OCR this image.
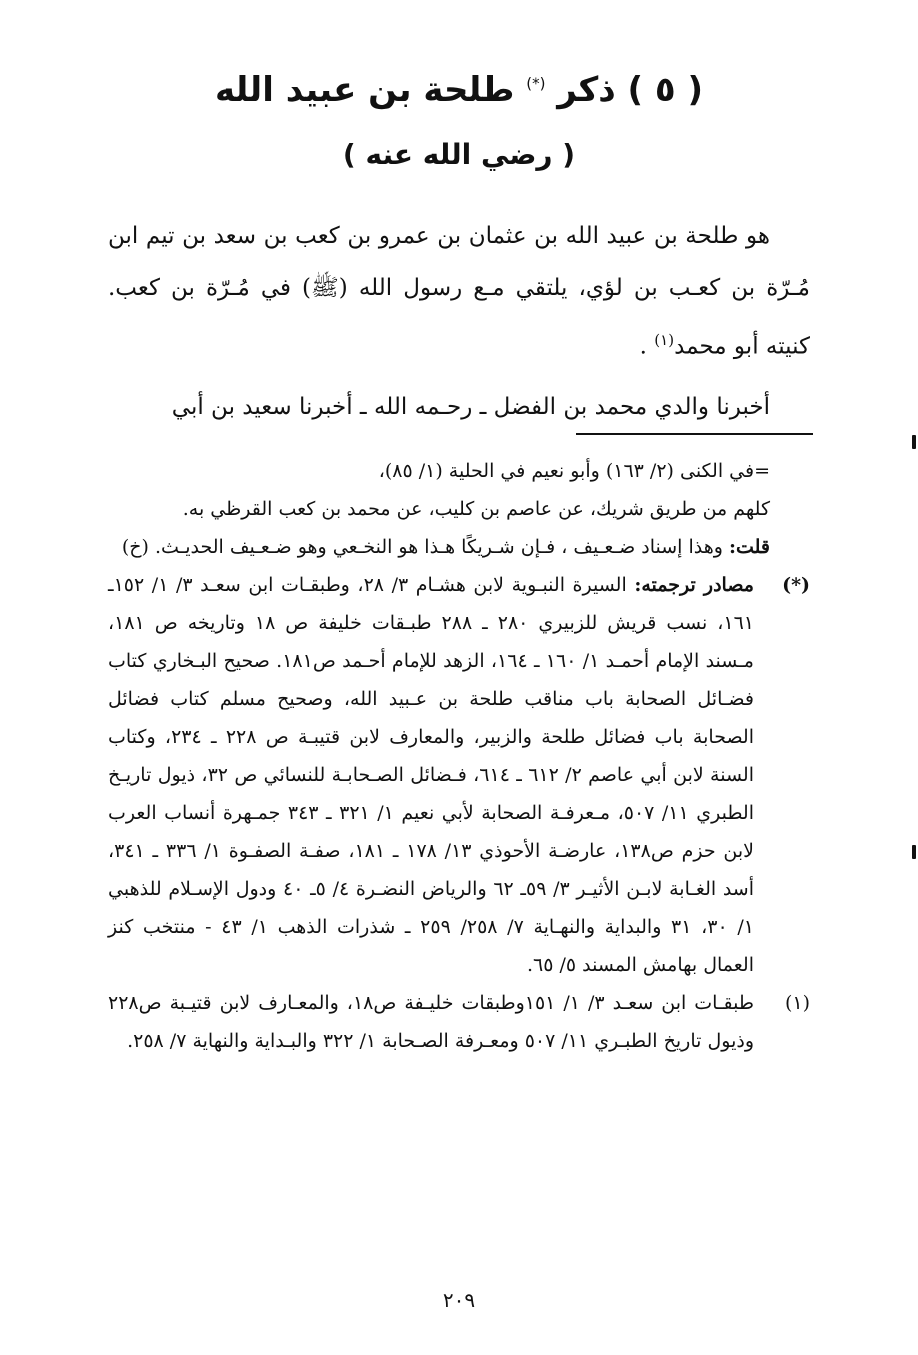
( ٥ ) ذكر (*) طلحة بن عبيد الله
( رضي الله عنه )

هو طلحة بن عبيد الله بن عثمان بن عمرو بن كعب بن سعد بن تيم ابن مُـرّة بن كعـب بن لؤي، يلتقي مـع رسول الله (ﷺ) في مُـرّة بن كعب. كنيته أبو محمد$^{(١)}$ .

أخبرنا والدي محمد بن الفضل ـ رحـمه الله ـ أخبرنا سعيد بن أبي

=في الكنى (٢/ ١٦٣) وأبو نعيم في الحلية (١/ ٨٥)،

كلهم من طريق شريك، عن عاصم بن كليب، عن محمد بن كعب القرظي به.

قلت: وهذا إسناد ضـعـيف ، فـإن شـريكًا هـذا هو النخـعي وهو ضـعـيف الحديـث. (خ)

(*)
مصادر ترجمته: السيرة النبـوية لابن هشـام ٣/ ٢٨، وطبقـات ابن سعـد ٣/ ١/ ١٥٢ـ ١٦١، نسب قريش للزبيري ٢٨٠ ـ ٢٨٨ طبـقات خليفة ص ١٨ وتاريخه ص ١٨١، مـسند الإمام أحمـد ١/ ١٦٠ ـ ١٦٤، الزهد للإمام أحـمد ص١٨١. صحيح البـخاري كتاب فضـائل الصحابة باب مناقب طلحة بن عـبيد الله، وصحيح مسلم كتاب فضائل الصحابة باب فضائل طلحة والزبير، والمعارف لابن قتيبـة ص ٢٢٨ ـ ٢٣٤، وكتاب السنة لابن أبي عاصم ٢/ ٦١٢ ـ ٦١٤، فـضائل الصـحابـة للنسائي ص ٣٢، ذيول تاريـخ الطبري ١١/ ٥٠٧، مـعرفـة الصحابة لأبي نعيم ١/ ٣٢١ ـ ٣٤٣ جمـهرة أنساب العرب لابن حزم ص١٣٨، عارضـة الأحوذي ١٣/ ١٧٨ ـ ١٨١، صفـة الصفـوة ١/ ٣٣٦ ـ ٣٤١، أسد الغـابة لابـن الأثيـر ٣/ ٥٩ـ ٦٢ والرياض النضـرة ٤/ ٥ـ ٤٠ ودول الإسـلام للذهبي ١/ ٣٠، ٣١ والبداية والنهـاية ٧/ ٢٥٨/ ٢٥٩ ـ شذرات الذهب ١/ ٤٣ - منتخب كنز العمال بهامش المسند ٥/ ٦٥.
(١)
طبقـات ابن سعـد ٣/ ١/ ١٥١وطبقات خليـفة ص١٨، والمعـارف لابن قتيـبة ص٢٢٨ وذيول تاريخ الطبـري ١١/ ٥٠٧ ومعـرفة الصـحابة ١/ ٣٢٢ والبـداية والنهاية ٧/ ٢٥٨.
٢٠٩
